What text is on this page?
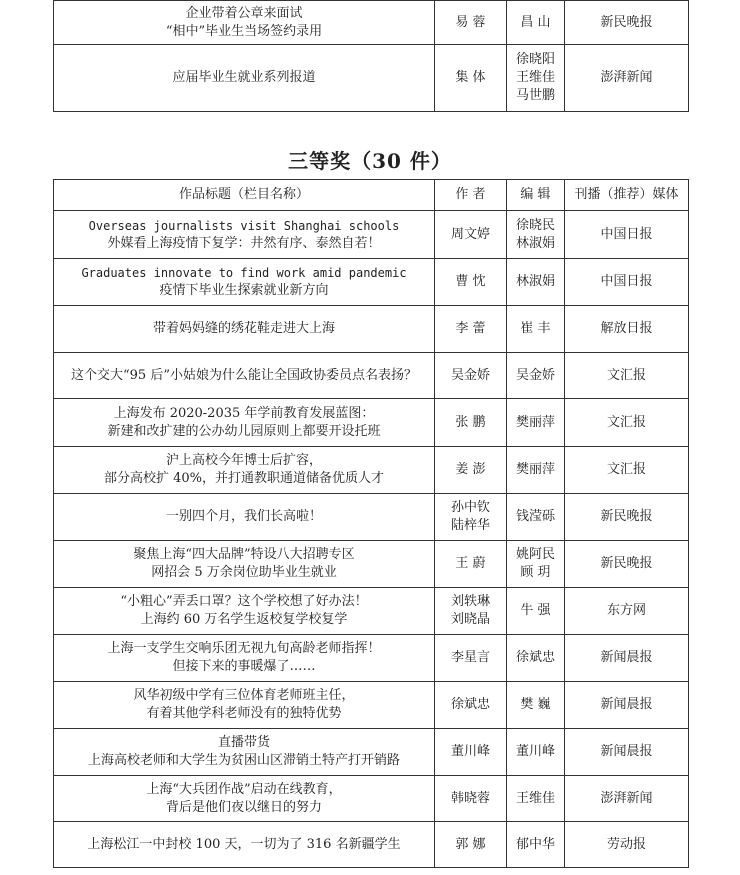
企业带着公章来面试
“相中”毕业生当场签约录用	易 蓉	昌 山	新民晚报

应届毕业生就业系列报道	集 体	徐晓阳
王维佳
马世鹏	澎湃新闻
三等奖（30 件）
作品标题（栏目名称）	作 者	编 辑	刊播（推荐）媒体

Overseas journalists visit Shanghai schools
外媒看上海疫情下复学：井然有序、泰然自若！	周文婷	徐晓民
林淑娟	中国日报

Graduates innovate to find work amid pandemic
疫情下毕业生探索就业新方向	曹 忱	林淑娟	中国日报

带着妈妈缝的绣花鞋走进大上海	李 蕾	崔 丰	解放日报

这个交大“95 后”小姑娘为什么能让全国政协委员点名表扬？	吴金娇	吴金娇	文汇报

上海发布 2020-2035 年学前教育发展蓝图：
新建和改扩建的公办幼儿园原则上都要开设托班	张 鹏	樊丽萍	文汇报

沪上高校今年博士后扩容，
部分高校扩 40%，并打通教职通道储备优质人才	姜 澎	樊丽萍	文汇报

一别四个月，我们长高啦！	孙中钦
陆梓华	钱滢砾	新民晚报

聚焦上海“四大品牌”特设八大招聘专区
网招会 5 万余岗位助毕业生就业	王 蔚	姚阿民
顾 玥	新民晚报

“小粗心”弄丢口罩？这个学校想了好办法！
上海约 60 万名学生返校复学校复学	刘轶琳
刘晓晶	牛 强	东方网

上海一支学生交响乐团无视九旬高龄老师指挥！
但接下来的事暖爆了……	李星言	徐斌忠	新闻晨报

风华初级中学有三位体育老师班主任，
有着其他学科老师没有的独特优势	徐斌忠	樊 巍	新闻晨报

直播带货
上海高校老师和大学生为贫困山区滞销土特产打开销路	董川峰	董川峰	新闻晨报

上海“大兵团作战”启动在线教育，
背后是他们夜以继日的努力	韩晓蓉	王维佳	澎湃新闻

上海松江一中封校 100 天，一切为了 316 名新疆学生	郭 娜	郁中华	劳动报
